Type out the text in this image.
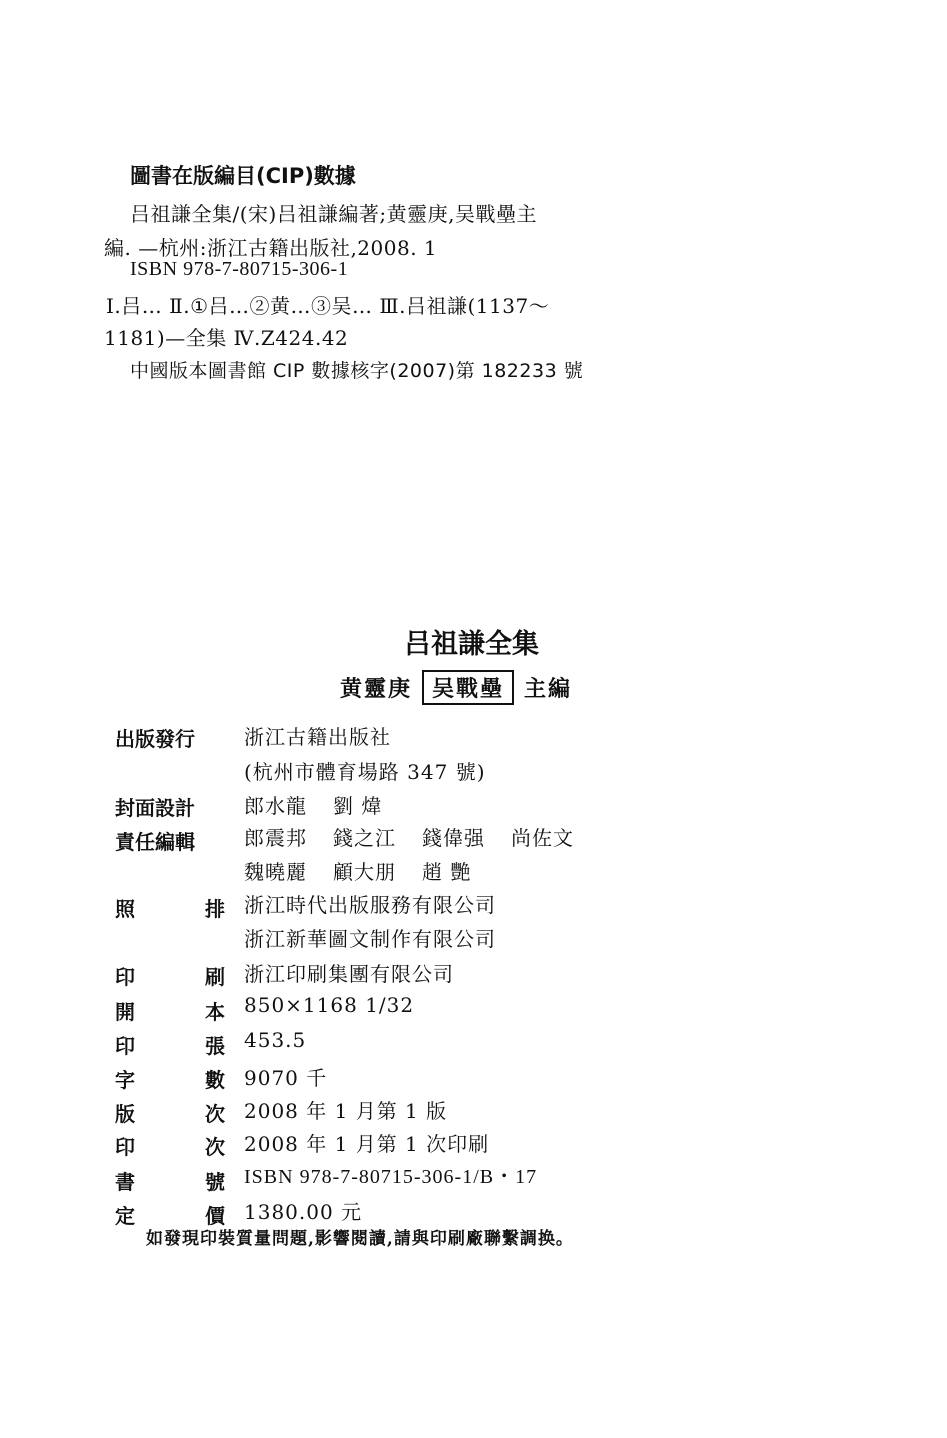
圖書在版編目(CIP)數據
吕祖謙全集/(宋)吕祖謙編著;黄靈庚,吴戰壘主
編. —杭州:浙江古籍出版社,2008. 1
ISBN 978-7-80715-306-1
Ⅰ.吕… Ⅱ.①吕…②黄…③吴… Ⅲ.吕祖謙(1137～
1181)—全集 Ⅳ.Z424.42
中國版本圖書館 CIP 數據核字(2007)第 182233 號
吕祖謙全集
黄靈庚 吴戰壘 主編
出版發行 浙江古籍出版社
(杭州市體育場路 347 號)
封面設計 郎水龍 劉 煒
責任編輯 郎震邦 錢之江 錢偉强 尚佐文
魏曉麗 顧大朋 趙 艷
照	排 浙江時代出版服務有限公司
浙江新華圖文制作有限公司
印	刷 浙江印刷集團有限公司
開	本 850×1168 1/32
印	張 453.5
字	數 9070 千
版	次 2008 年 1 月第 1 版
印	次 2008 年 1 月第 1 次印刷
書	號 ISBN 978-7-80715-306-1/B・17
定	價 1380.00 元
如發現印裝質量問題,影響閱讀,請與印刷廠聯繫調换。
